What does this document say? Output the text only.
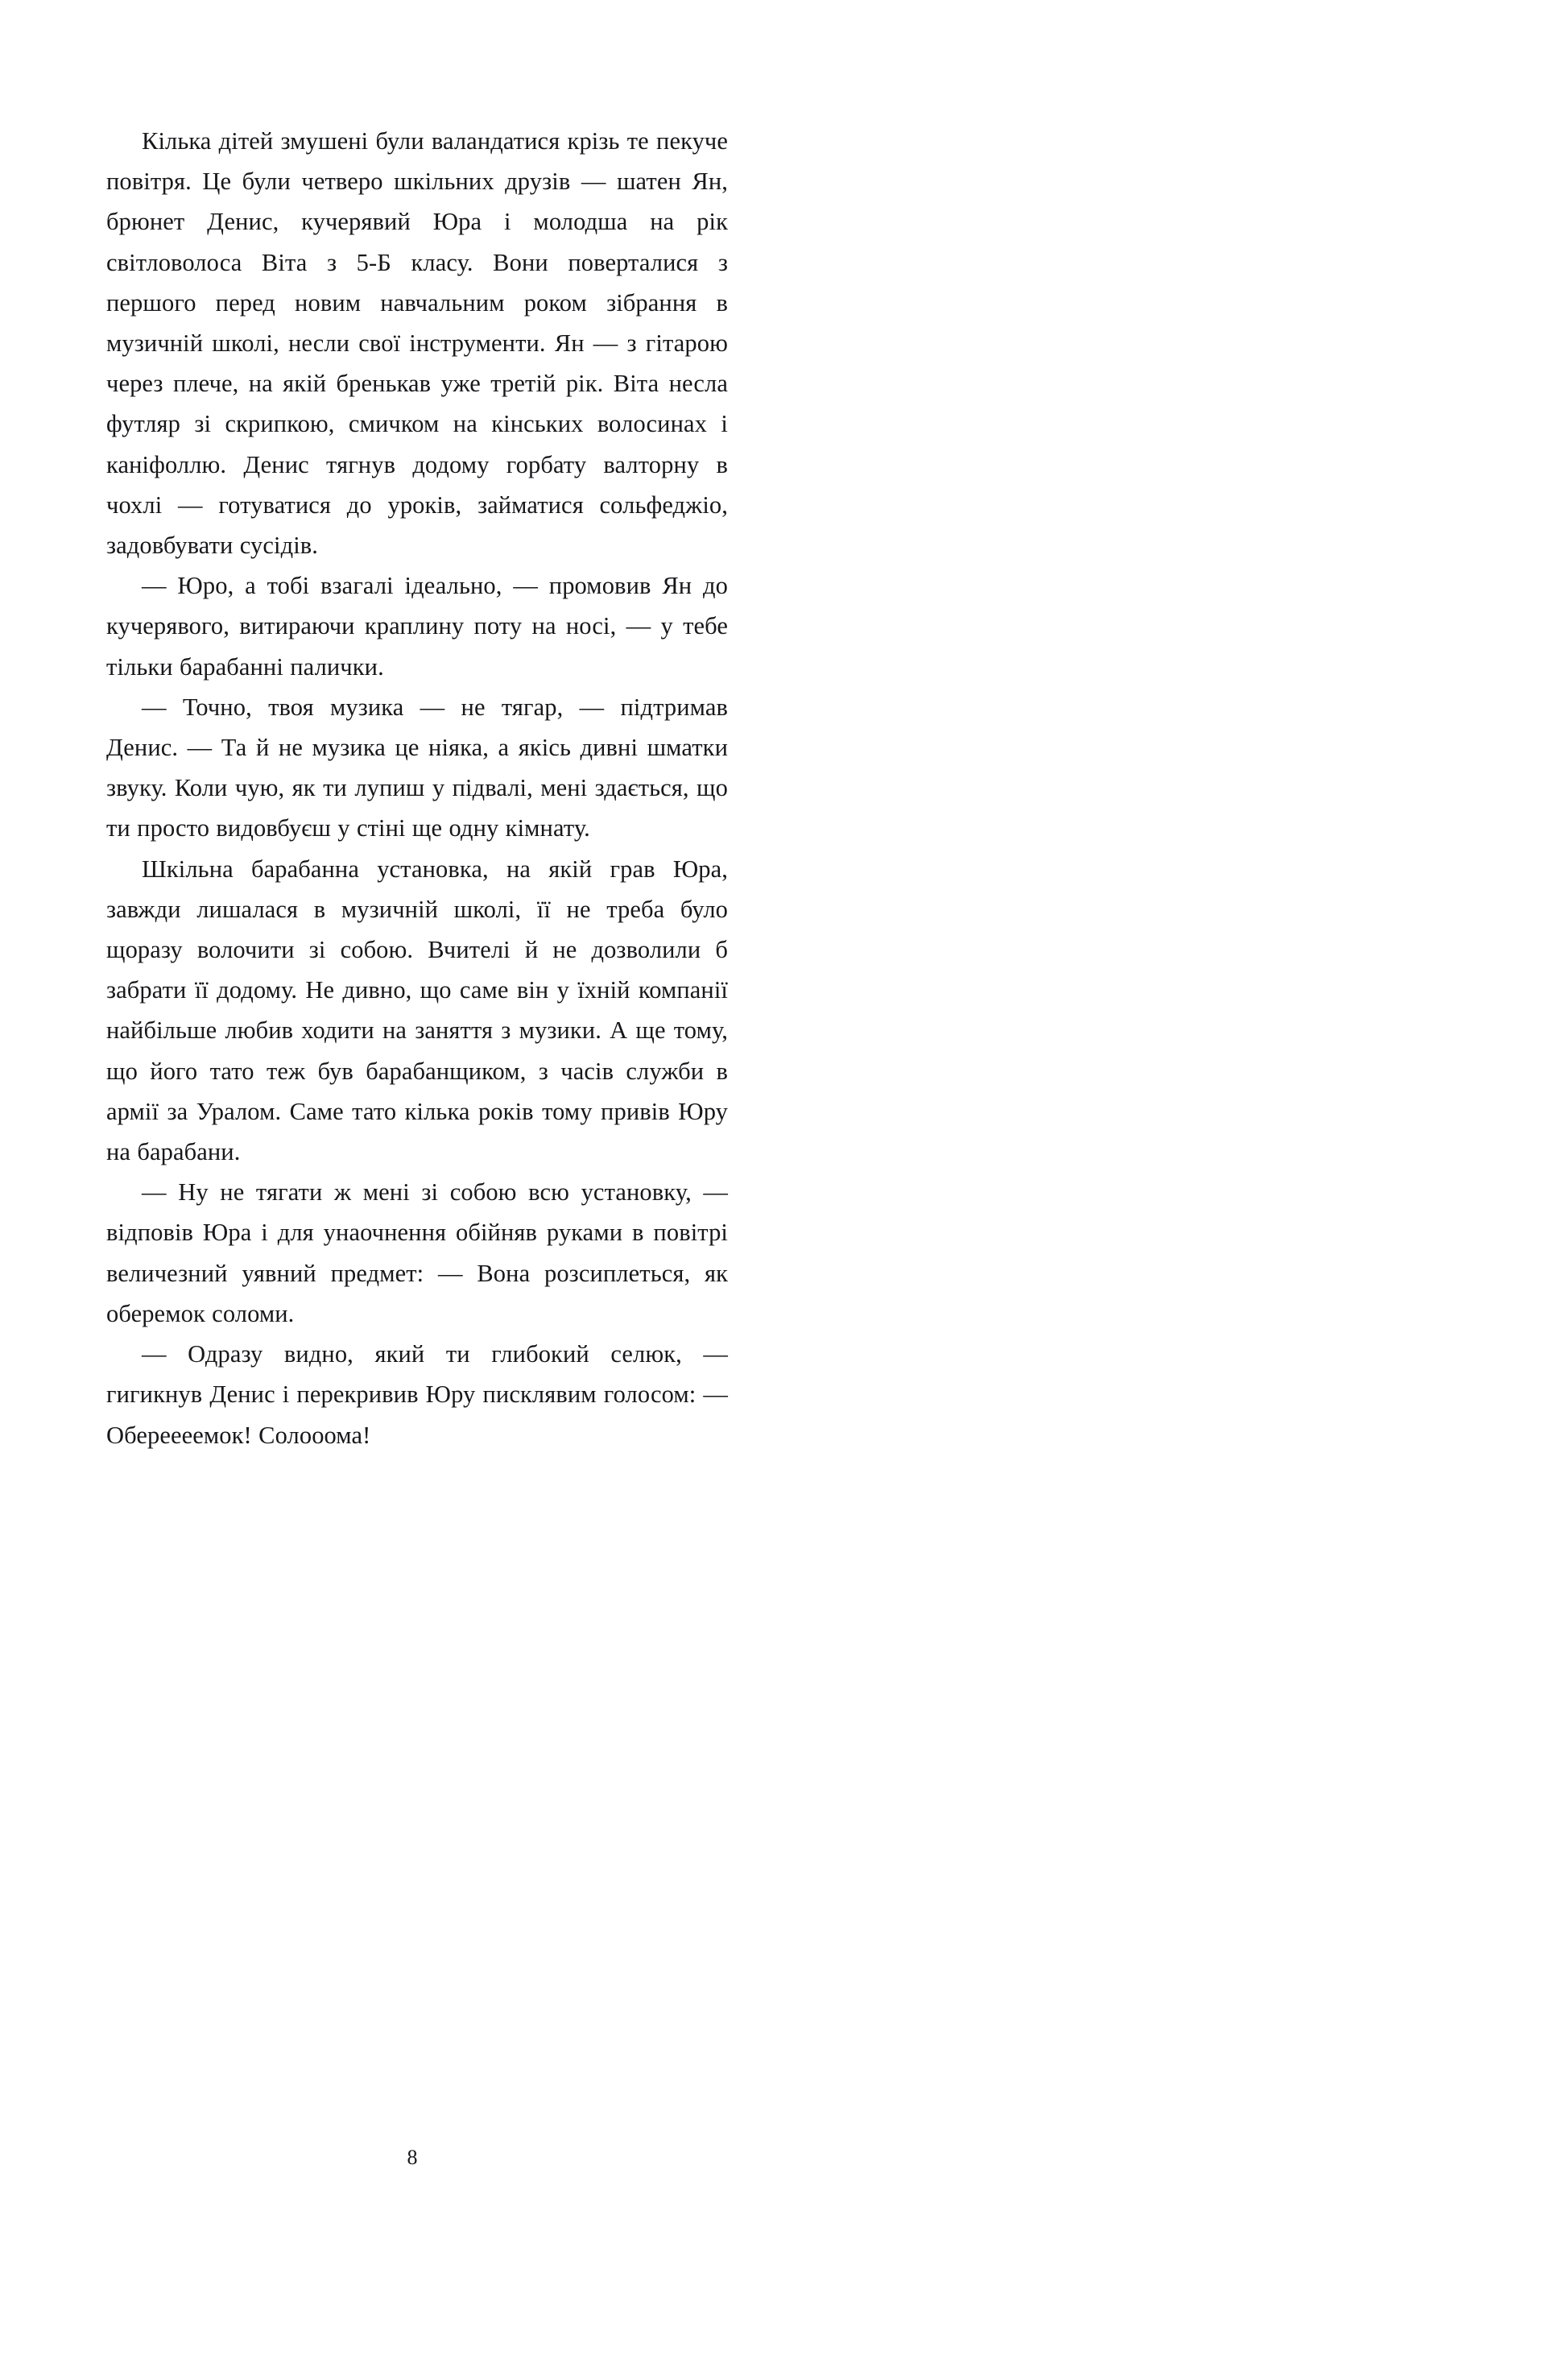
Кілька дітей змушені були валандатися крізь те пекуче повітря. Це були четверо шкільних друзів — шатен Ян, брюнет Денис, кучерявий Юра і молодша на рік світловолоса Віта з 5-Б класу. Вони поверталися з першого перед новим навчальним роком зібрання в музичній школі, несли свої інструменти. Ян — з гітарою через плече, на якій бренькав уже третій рік. Віта несла футляр зі скрипкою, смичком на кінських волосинах і каніфоллю. Денис тягнув додому горбату валторну в чохлі — готуватися до уроків, займатися сольфеджіо, задовбувати сусідів.

— Юро, а тобі взагалі ідеально, — промовив Ян до кучерявого, витираючи краплину поту на носі, — у тебе тільки барабанні палички.

— Точно, твоя музика — не тягар, — підтримав Денис. — Та й не музика це ніяка, а якісь дивні шматки звуку. Коли чую, як ти лупиш у підвалі, мені здається, що ти просто видовбуєш у стіні ще одну кімнату.

Шкільна барабанна установка, на якій грав Юра, завжди лишалася в музичній школі, її не треба було щоразу волочити зі собою. Вчителі й не дозволили б забрати її додому. Не дивно, що саме він у їхній компанії найбільше любив ходити на заняття з музики. А ще тому, що його тато теж був барабанщиком, з часів служби в армії за Уралом. Саме тато кілька років тому привів Юру на барабани.

— Ну не тягати ж мені зі собою всю установку, — відповів Юра і для унаочнення обійняв руками в повітрі величезний уявний предмет: — Вона розсиплеться, як оберемок соломи.

— Одразу видно, який ти глибокий селюк, — гигикнув Денис і перекривив Юру писклявим голосом: — Обереееемок! Солооома!

8
